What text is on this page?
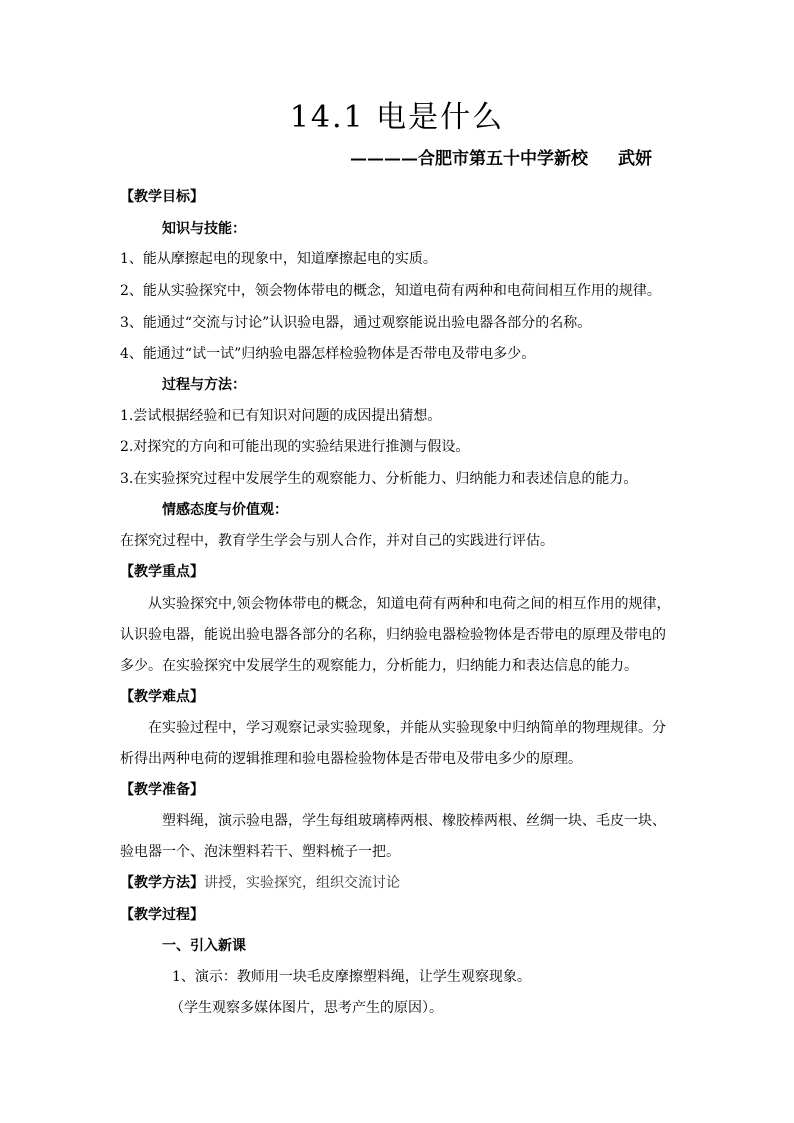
14.1 电是什么
————合肥市第五十中学新校 武妍
【教学目标】
知识与技能：
1、能从摩擦起电的现象中，知道摩擦起电的实质。
2、能从实验探究中，领会物体带电的概念，知道电荷有两种和电荷间相互作用的规律。
3、能通过“交流与讨论”认识验电器，通过观察能说出验电器各部分的名称。
4、能通过“试一试”归纳验电器怎样检验物体是否带电及带电多少。
过程与方法：
1.尝试根据经验和已有知识对问题的成因提出猜想。
2.对探究的方向和可能出现的实验结果进行推测与假设。
3.在实验探究过程中发展学生的观察能力、分析能力、归纳能力和表述信息的能力。
情感态度与价值观：
在探究过程中，教育学生学会与别人合作，并对自己的实践进行评估。
【教学重点】
从实验探究中,领会物体带电的概念，知道电荷有两种和电荷之间的相互作用的规律，
认识验电器，能说出验电器各部分的名称，归纳验电器检验物体是否带电的原理及带电的
多少。在实验探究中发展学生的观察能力，分析能力，归纳能力和表达信息的能力。
【教学难点】
在实验过程中，学习观察记录实验现象，并能从实验现象中归纳简单的物理规律。分
析得出两种电荷的逻辑推理和验电器检验物体是否带电及带电多少的原理。
【教学准备】
塑料绳，演示验电器，学生每组玻璃棒两根、橡胶棒两根、丝绸一块、毛皮一块、
验电器一个、泡沫塑料若干、塑料梳子一把。
【教学方法】讲授，实验探究，组织交流讨论
【教学过程】
一、引入新课
1、演示：教师用一块毛皮摩擦塑料绳，让学生观察现象。
（学生观察多媒体图片，思考产生的原因）。
